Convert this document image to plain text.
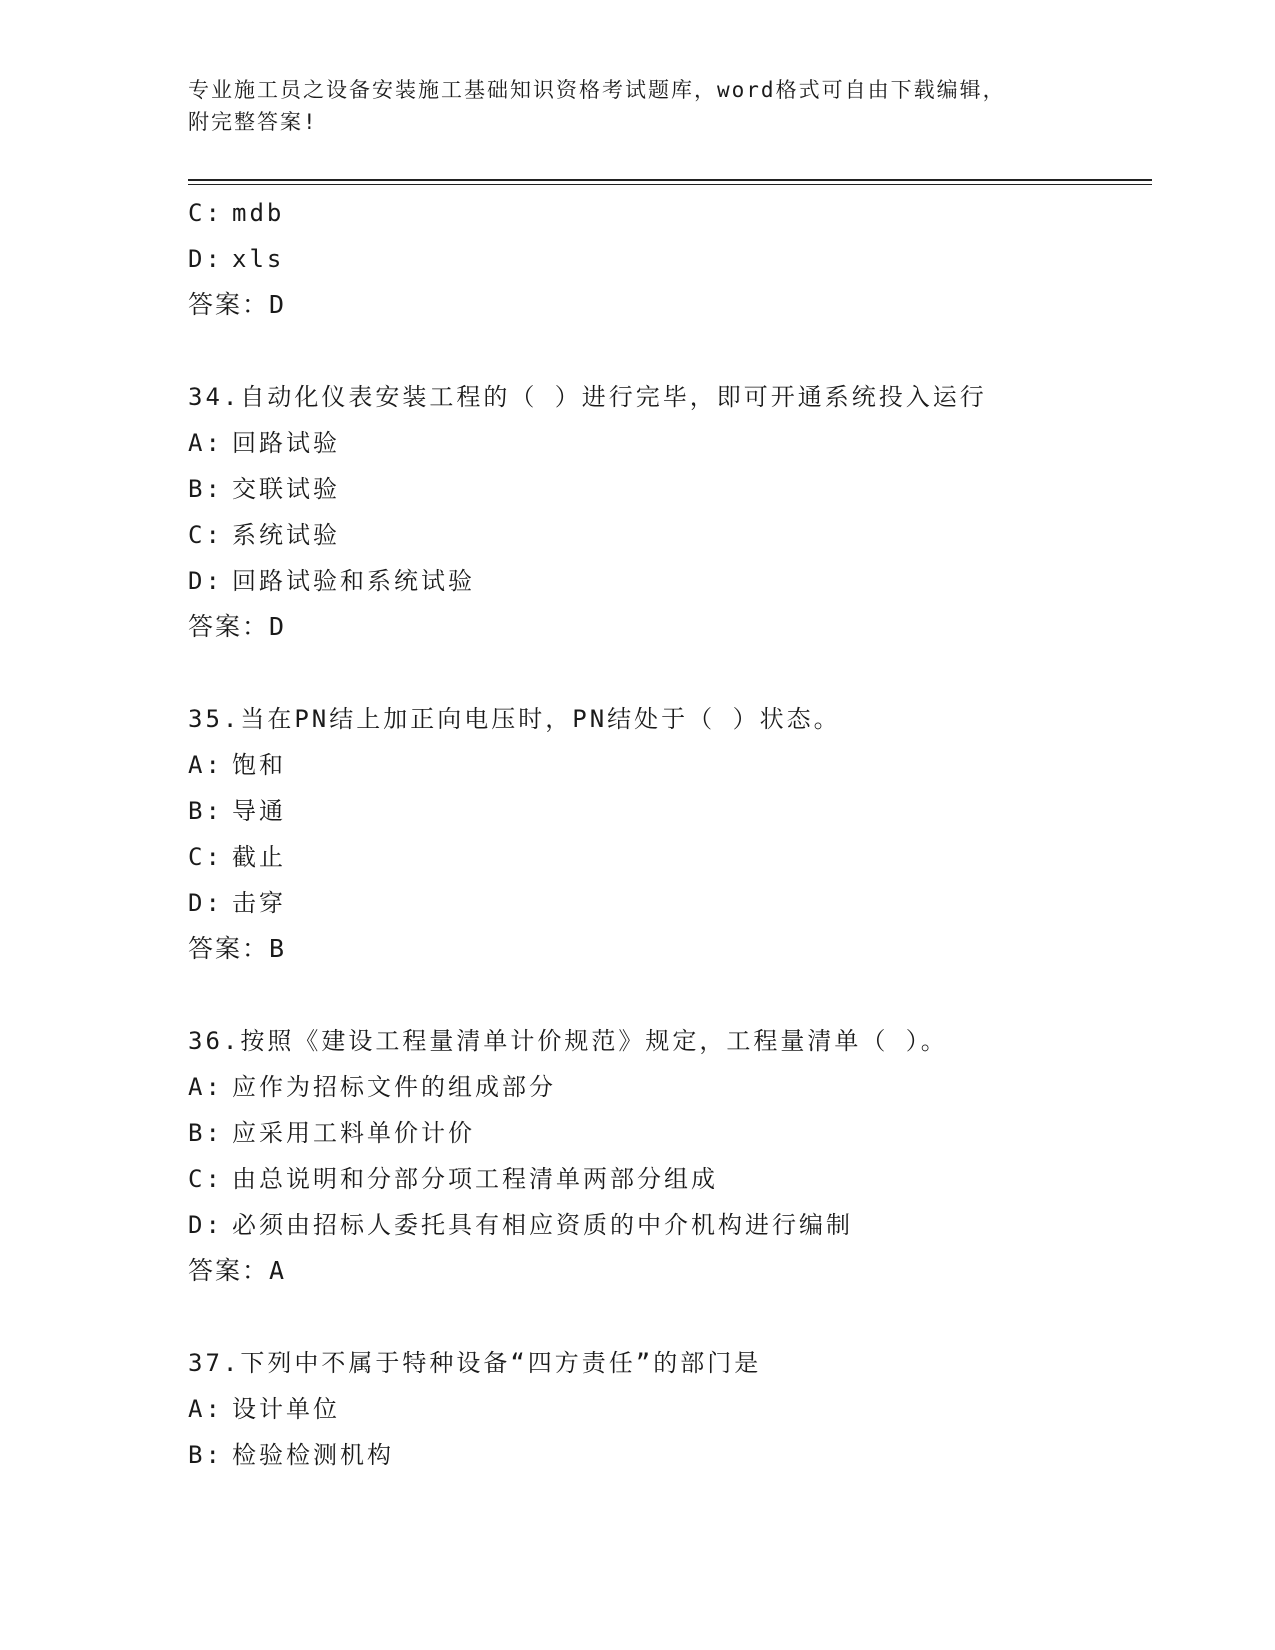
专业施工员之设备安装施工基础知识资格考试题库，word格式可自由下载编辑，
附完整答案!
C: mdb
D: xls
答案：D
34.自动化仪表安装工程的（ ）进行完毕，即可开通系统投入运行
A: 回路试验
B: 交联试验
C: 系统试验
D: 回路试验和系统试验
答案：D
35.当在PN结上加正向电压时，PN结处于（ ）状态。
A: 饱和
B: 导通
C: 截止
D: 击穿
答案：B
36.按照《建设工程量清单计价规范》规定，工程量清单（ ）。
A: 应作为招标文件的组成部分
B: 应采用工料单价计价
C: 由总说明和分部分项工程清单两部分组成
D: 必须由招标人委托具有相应资质的中介机构进行编制
答案：A
37.下列中不属于特种设备“四方责任”的部门是
A: 设计单位
B: 检验检测机构
